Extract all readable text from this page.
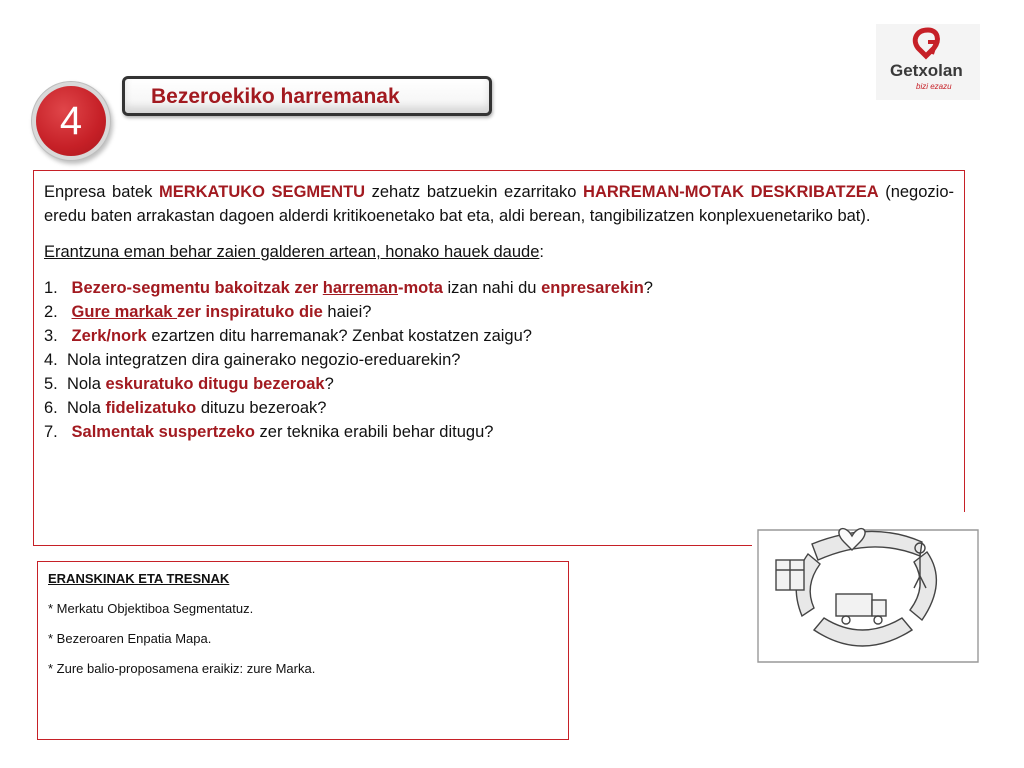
4
Bezeroekiko harremanak
Getxolan
bizi ezazu

Enpresa batek MERKATUKO SEGMENTU zehatz batzuekin ezarritako HARREMAN-MOTAK DESKRIBATZEA (negozio-eredu baten arrakastan dagoen alderdi kritikoenetako bat eta, aldi berean, tangibilizatzen konplexuenetariko bat).

Erantzuna eman behar zaien galderen artean, honako hauek daude:

1. Bezero-segmentu bakoitzak zer harreman-mota izan nahi du enpresarekin?
2. Gure markak zer inspiratuko die haiei?
3. Zerk/nork ezartzen ditu harremanak? Zenbat kostatzen zaigu?
4. Nola integratzen dira gainerako negozio-ereduarekin?
5. Nola eskuratuko ditugu bezeroak?
6. Nola fidelizatuko dituzu bezeroak?
7. Salmentak suspertzeko zer teknika erabili behar ditugu?

ERANSKINAK ETA TRESNAK

* Merkatu Objektiboa Segmentatuz.

* Bezeroaren Enpatia Mapa.

* Zure balio-proposamena eraikiz: zure Marka.
